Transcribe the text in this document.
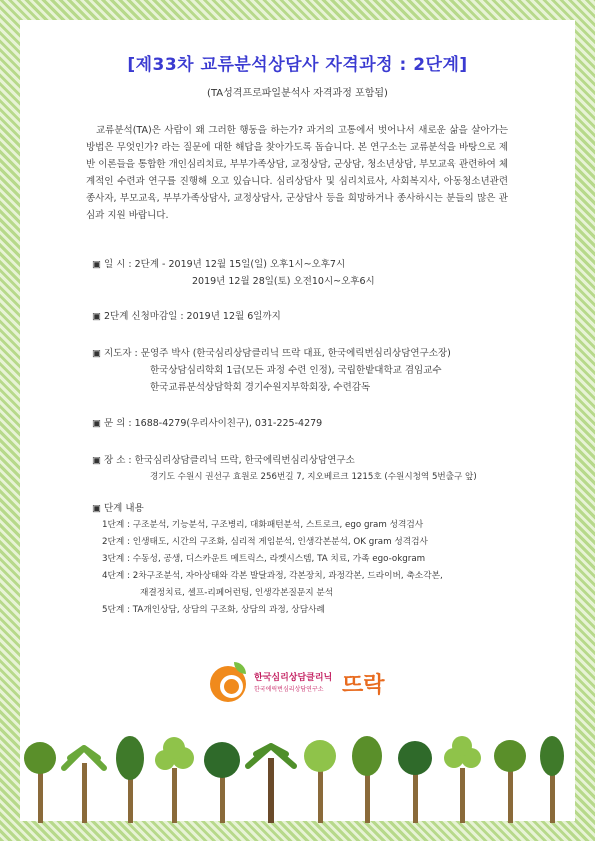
[제33차 교류분석상담사 자격과정 : 2단계]
(TA성격프로파일분석사 자격과정 포함됨)
교류분석(TA)은 사람이 왜 그러한 행동을 하는가? 과거의 고통에서 벗어나서 새로운 삶을 살아가는 방법은 무엇인가? 라는 질문에 대한 해답을 찾아가도록 돕습니다. 본 연구소는 교류분석을 바탕으로 제반 이론들을 통합한 개인심리치료, 부부가족상담, 교정상담, 군상담, 청소년상담, 부모교육 관련하여 체계적인 수련과 연구를 진행해 오고 있습니다. 심리상담사 및 심리치료사, 사회복지사, 아동청소년관련종사자, 부모교육, 부부가족상담사, 교정상담사, 군상담사 등을 희망하거나 종사하시는 분들의 많은 관심과 지원 바랍니다.
▣ 일 시 : 2단계 - 2019년 12월 15일(일) 오후1시~오후7시
2019년 12월 28일(토) 오전10시~오후6시
▣ 2단계 신청마감일 : 2019년 12월 6일까지
▣ 지도자 : 문영주 박사 (한국심리상담클리닉 뜨락 대표, 한국에릭번심리상담연구소장)
한국상담심리학회 1급(모든 과정 수련 인정), 국립한밭대학교 겸임교수
한국교류분석상담학회 경기수원지부학회장, 수련감독
▣ 문 의 : 1688-4279(우리사이친구), 031-225-4279
▣ 장 소 : 한국심리상담클리닉 뜨락, 한국에릭번심리상담연구소
경기도 수원시 권선구 효원로 256번길 7, 지오베르크 1215호 (수원시청역 5번출구 앞)
▣ 단계 내용
1단계 : 구조분석, 기능분석, 구조병리, 대화패턴분석, 스트로크, ego gram 성격검사
2단계 : 인생태도, 시간의 구조화, 심리적 게임분석, 인생각본분석, OK gram 성격검사
3단계 : 수동성, 공생, 디스카운트 메트릭스, 라켓시스템, TA 치료, 가족 ego-okgram
4단계 : 2차구조분석, 자아상태와 각본 발달과정, 각본장치, 과정각본, 드라이버, 축소각본,
재결정치료, 셀프-리페어런팅, 인생각본질문지 분석
5단계 : TA개인상담, 상담의 구조화, 상담의 과정, 상담사례
한국심리상담클리닉
한국에릭번심리상담연구소 뜨락
